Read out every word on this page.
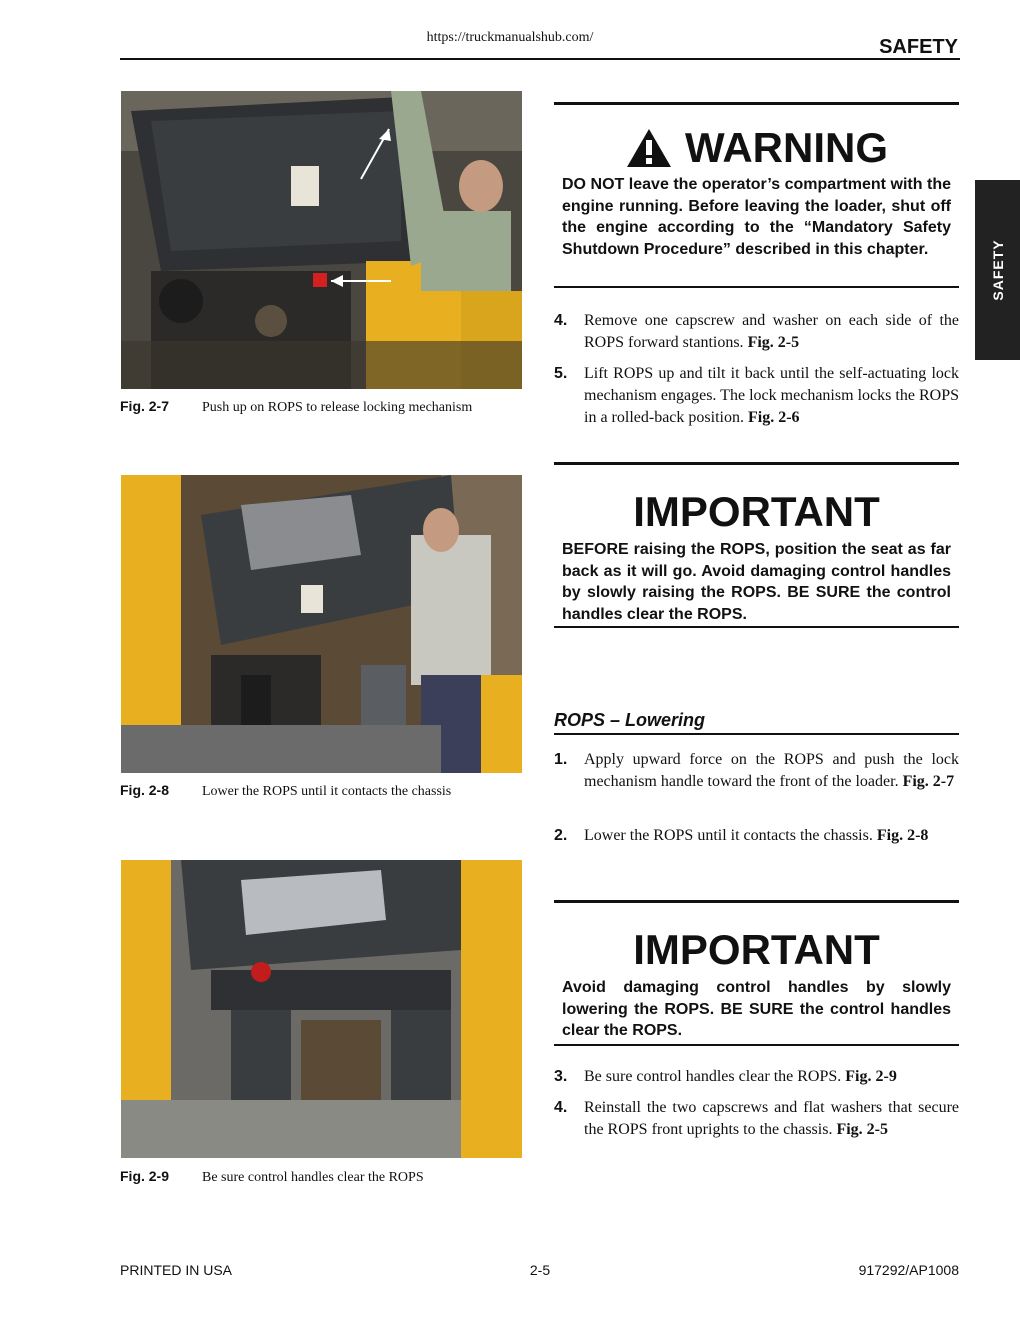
https://truckmanualshub.com/	SAFETY
SAFETY
Fig. 2-7 Push up on ROPS to release locking mechanism
Fig. 2-8 Lower the ROPS until it contacts the chassis
Fig. 2-9 Be sure control handles clear the ROPS
WARNING
DO NOT leave the operator’s compartment with the engine running. Before leaving the loader, shut off the engine according to the “Mandatory Safety Shutdown Procedure” described in this chapter.
4. Remove one capscrew and washer on each side of the ROPS forward stantions. Fig. 2-5
5. Lift ROPS up and tilt it back until the self-actuating lock mechanism engages. The lock mechanism locks the ROPS in a rolled-back position. Fig. 2-6
IMPORTANT
BEFORE raising the ROPS, position the seat as far back as it will go. Avoid damaging control handles by slowly raising the ROPS. BE SURE the control handles clear the ROPS.
ROPS – Lowering
1. Apply upward force on the ROPS and push the lock mechanism handle toward the front of the loader. Fig. 2-7
2. Lower the ROPS until it contacts the chassis. Fig. 2-8
IMPORTANT
Avoid damaging control handles by slowly lowering the ROPS. BE SURE the control handles clear the ROPS.
3. Be sure control handles clear the ROPS. Fig. 2-9
4. Reinstall the two capscrews and flat washers that secure the ROPS front uprights to the chassis. Fig. 2-5
PRINTED IN USA	2-5	917292/AP1008
